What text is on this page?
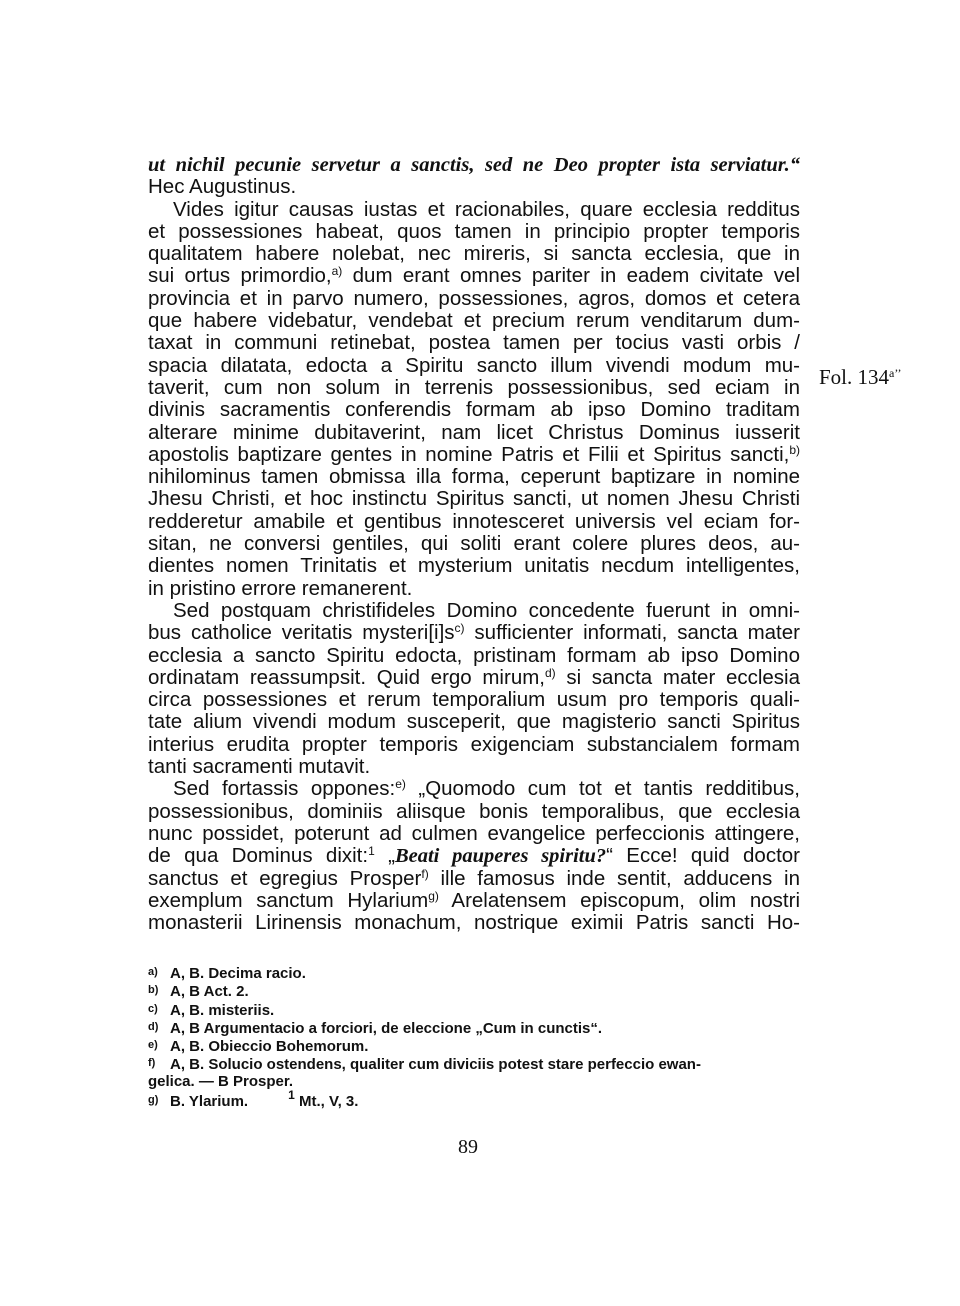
ut nichil pecunie servetur a sanctis, sed ne Deo propter ista serviatur.“
Hec Augustinus.
Vides igitur causas iustas et racionabiles, quare ecclesia redditus
et possessiones habeat, quos tamen in principio propter temporis
qualitatem habere nolebat, nec mireris, si sancta ecclesia, que in
sui ortus primordio,$^{a)}$ dum erant omnes pariter in eadem civitate vel
provincia et in parvo numero, possessiones, agros, domos et cetera
que habere videbatur, vendebat et precium rerum venditarum dum-
taxat in communi retinebat, postea tamen per tocius vasti orbis /
spacia dilatata, edocta a Spiritu sancto illum vivendi modum mu-
taverit, cum non solum in terrenis possessionibus, sed eciam in
divinis sacramentis conferendis formam ab ipso Domino traditam
alterare minime dubitaverint, nam licet Christus Dominus iusserit
apostolis baptizare gentes in nomine Patris et Filii et Spiritus sancti,$^{b)}$
nihilominus tamen obmissa illa forma, ceperunt baptizare in nomine
Jhesu Christi, et hoc instinctu Spiritus sancti, ut nomen Jhesu Christi
redderetur amabile et gentibus innotesceret universis vel eciam for-
sitan, ne conversi gentiles, qui soliti erant colere plures deos, au-
dientes nomen Trinitatis et mysterium unitatis necdum intelligentes,
in pristino errore remanerent.
Sed postquam christifideles Domino concedente fuerunt in omni-
bus catholice veritatis $mysteri[i]s^{c)}$ sufficienter informati, sancta mater
ecclesia a sancto Spiritu edocta, pristinam formam ab ipso Domino
ordinatam reassumpsit. Quid ergo mirum,$^{d)}$ si sancta mater ecclesia
circa possessiones et rerum temporalium usum pro temporis quali-
tate alium vivendi modum susceperit, que magisterio sancti Spiritus
interius erudita propter temporis exigenciam substancialem formam
tanti sacramenti mutavit.
Sed fortassis oppones:$^{e)}$ „Quomodo cum tot et tantis redditibus,
possessionibus, dominiis aliisque bonis temporalibus, que ecclesia
nunc possidet, poterunt ad culmen evangelice perfeccionis attingere,
de qua Dominus dixit:$^1$ „Beati pauperes spiritu?“ Ecce! quid doctor
sanctus et egregius Prosper$^{f)}$ ille famosus inde sentit, adducens in
exemplum sanctum Hylarium$^{g)}$ Arelatensem episcopum, olim nostri
monasterii Lirinensis monachum, nostrique eximii Patris sancti Ho-
Fol. $134^{a’’}$
a) A, B. Decima racio.
b) A, B Act. 2.
c) A, B. misteriis.
d) A, B Argumentacio a forciori, de eleccione „Cum in cunctis“.
e) A, B. Obieccio Bohemorum.
f) A, B. Solucio ostendens, qualiter cum diviciis potest stare perfeccio ewan-
gelica. — B Prosper.
g) B. Ylarium.	$^1$ Mt., V, 3.
89
